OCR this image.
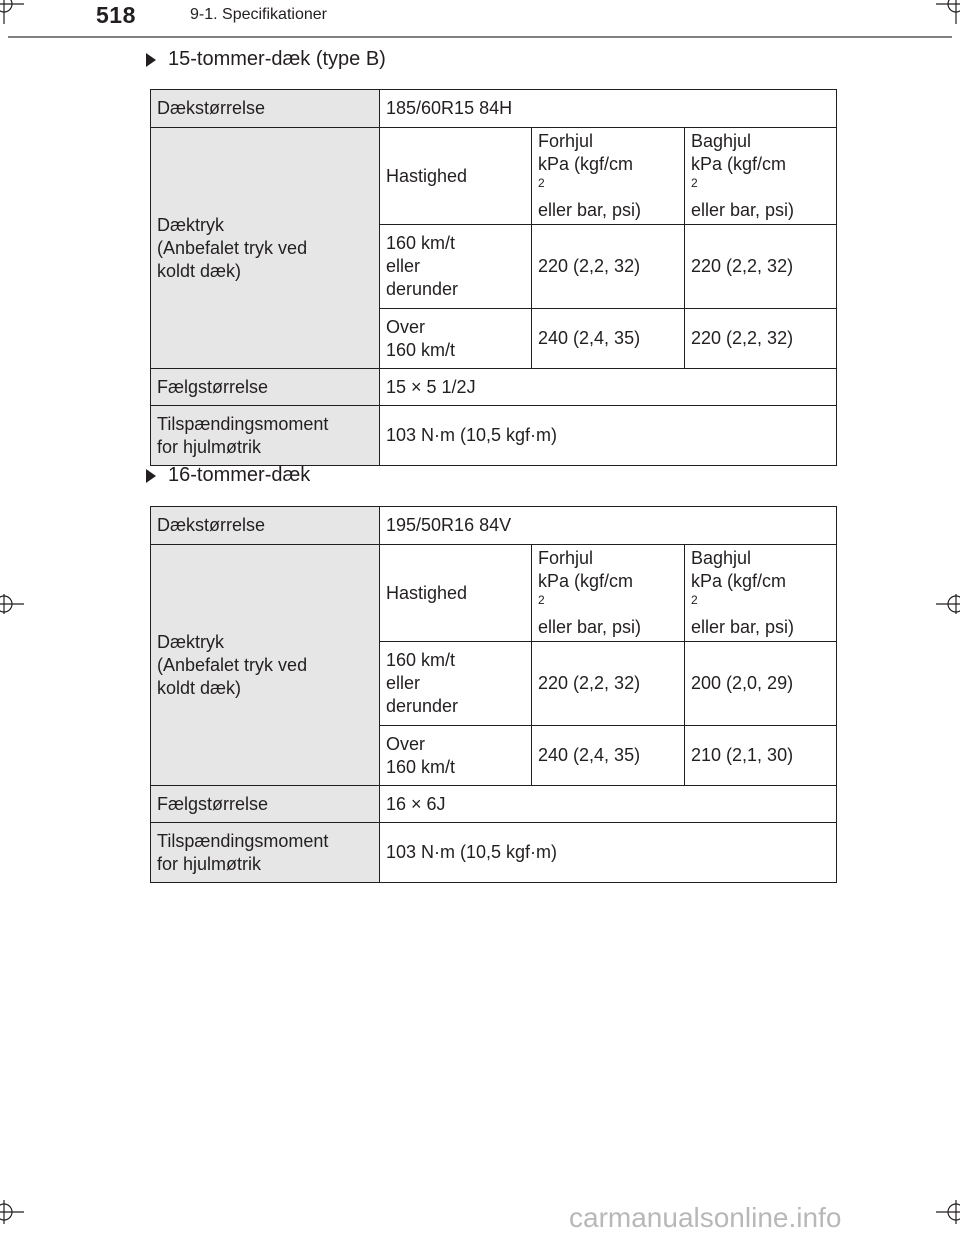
518	9-1. Specifikationer
15-tommer-dæk (type B)
Dækstørrelse	185/60R15 84H		

Dæktryk
(Anbefalet tryk ved
koldt dæk)	Hastighed	Forhjul
kPa (kgf/cm
$^2$
eller bar, psi)	Baghjul
kPa (kgf/cm
$^2$
eller bar, psi)

	160 km/t
eller
derunder	220 (2,2, 32)	220 (2,2, 32)

	Over
160 km/t	240 (2,4, 35)	220 (2,2, 32)
Fælgstørrelse	15 × 5 1/2J		

Tilspændingsmoment
for hjulmøtrik	103 N·m (10,5 kgf·m)		
16-tommer-dæk
Dækstørrelse	195/50R16 84V		

Dæktryk
(Anbefalet tryk ved
koldt dæk)	Hastighed	Forhjul
kPa (kgf/cm
$^2$
eller bar, psi)	Baghjul
kPa (kgf/cm
$^2$
eller bar, psi)

	160 km/t
eller
derunder	220 (2,2, 32)	200 (2,0, 29)

	Over
160 km/t	240 (2,4, 35)	210 (2,1, 30)
Fælgstørrelse	16 × 6J		

Tilspændingsmoment
for hjulmøtrik	103 N·m (10,5 kgf·m)		
carmanualsonline.info
